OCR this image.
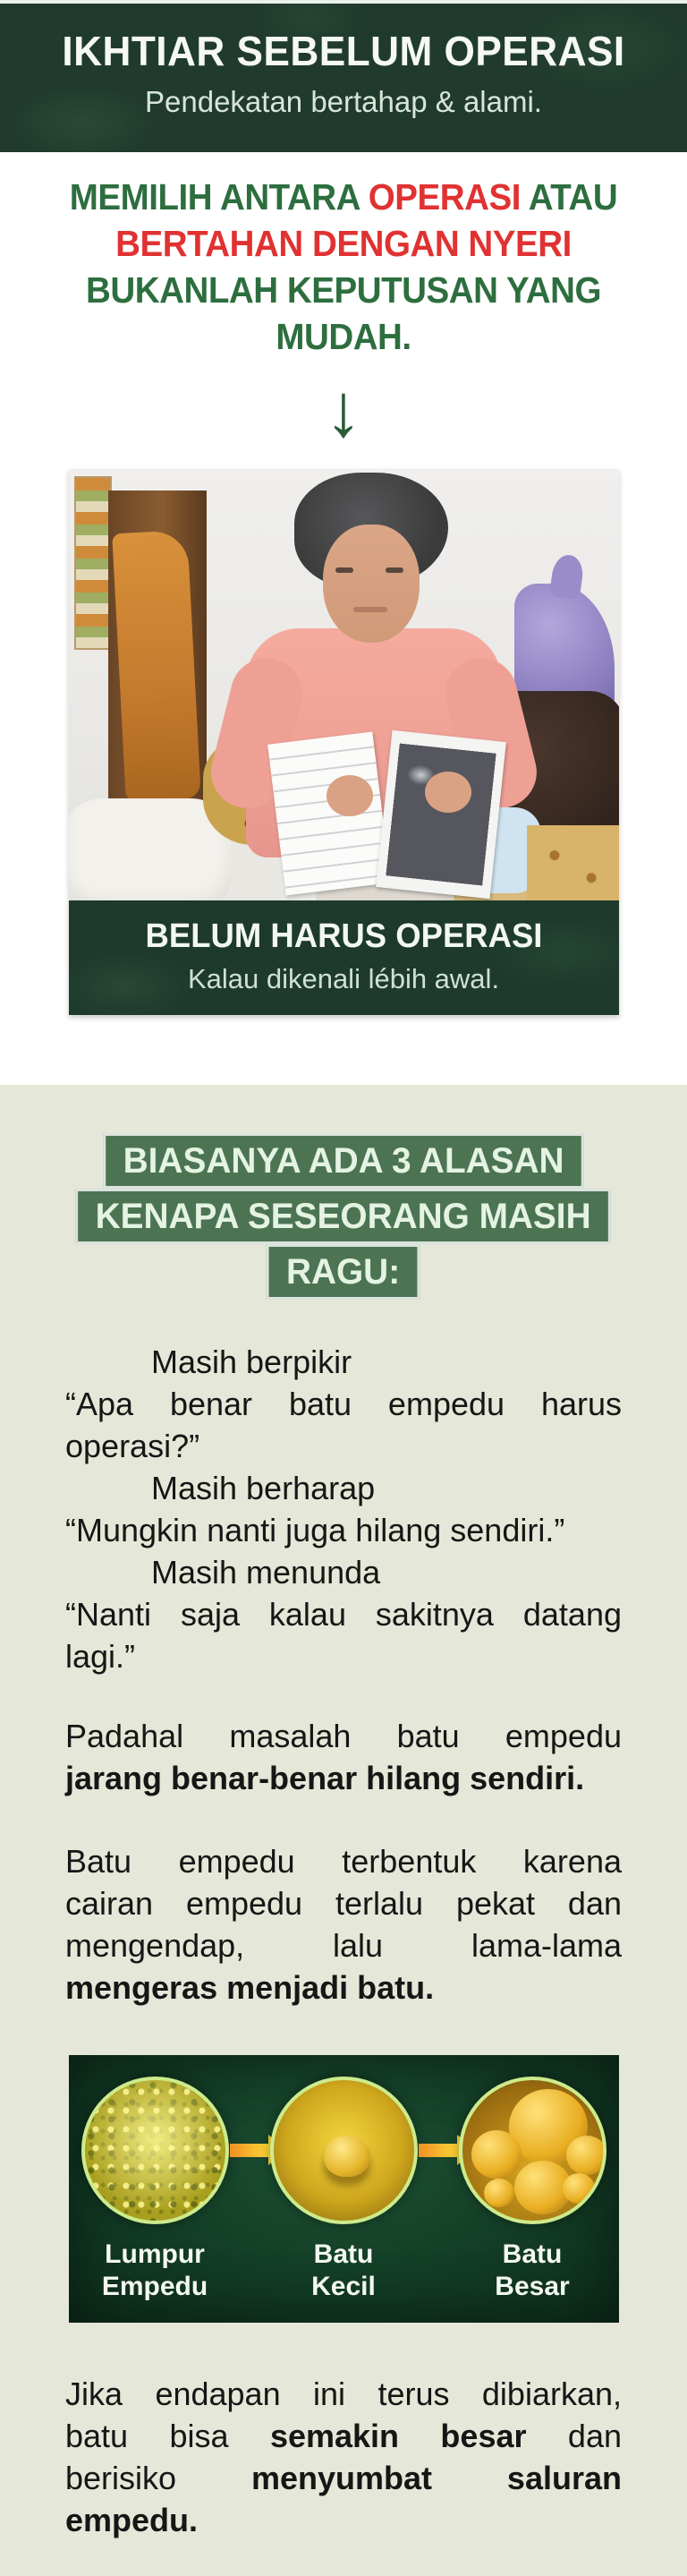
IKHTIAR SEBELUM OPERASI

Pendekatan bertahap & alami.

MEMILIH ANTARA OPERASI ATAU
BERTAHAN DENGAN NYERI
BUKANLAH KEPUTUSAN YANG
MUDAH.
↓
BELUM HARUS OPERASI
Kalau dikenali lébih awal.
BIASANYA ADA 3 ALASAN
KENAPA SESEORANG MASIH
RAGU:

Masih berpikir

“Apa benar batu empedu harus

operasi?”

Masih berharap

“Mungkin nanti juga hilang sendiri.”

Masih menunda

“Nanti saja kalau sakitnya datang

lagi.”

Padahal masalah batu empedu

jarang benar-benar hilang sendiri.

Batu empedu terbentuk karena

cairan empedu terlalu pekat dan

mengendap, lalu lama-lama

mengeras menjadi batu.

Lumpur
Empedu
Batu
Kecil
Batu
Besar

Jika endapan ini terus dibiarkan,

batu bisa semakin besar dan

berisiko menyumbat saluran

empedu.
